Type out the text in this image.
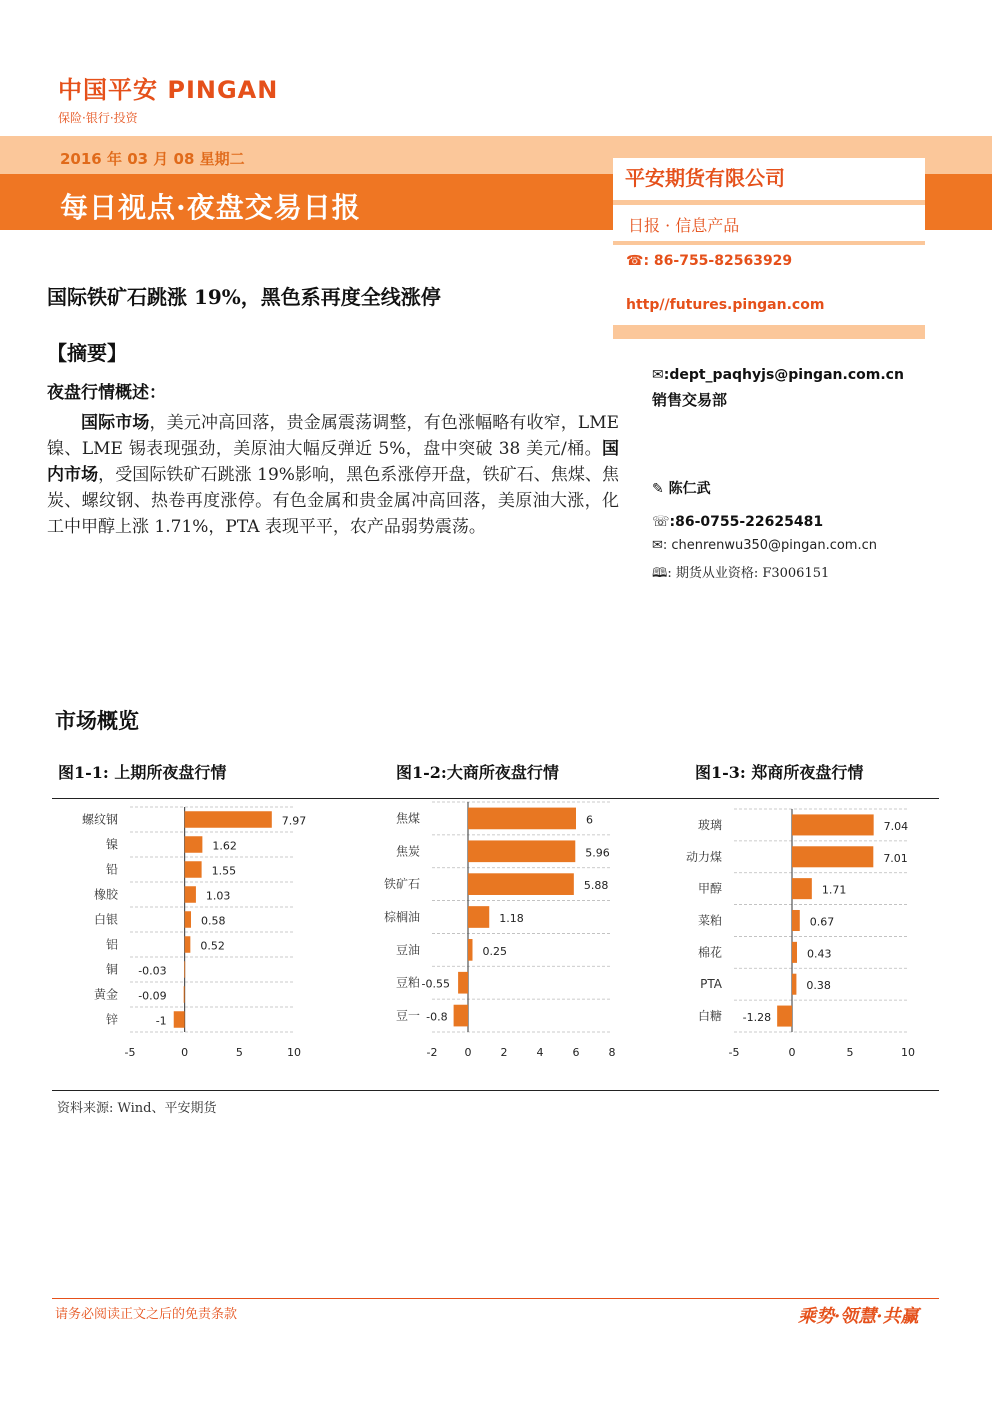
中国平安 PINGAN
保险·银行·投资
2016 年 03 月 08 星期二
每日视点·夜盘交易日报
平安期货有限公司
日报 · 信息产品
☎: 86-755-82563929
http//futures.pingan.com
✉:dept_paqhyjs@pingan.com.cn
销售交易部
✎ 陈仁武
☏:86-0755-22625481
✉: chenrenwu350@pingan.com.cn
🕮: 期货从业资格: F3006151
国际铁矿石跳涨 19%，黑色系再度全线涨停
【摘要】
夜盘行情概述：

国际市场，美元冲高回落，贵金属震荡调整，有色涨幅略有收窄，LME 镍、LME 锡表现强劲，美原油大幅反弹近 5%，盘中突破 38 美元/桶。国内市场，受国际铁矿石跳涨 19%影响，黑色系涨停开盘，铁矿石、焦煤、焦炭、螺纹钢、热卷再度涨停。有色金属和贵金属冲高回落，美原油大涨，化工中甲醇上涨 1.71%，PTA 表现平平，农产品弱势震荡。

市场概览
图1-1: 上期所夜盘行情	图1-2:大商所夜盘行情	图1-3: 郑商所夜盘行情
螺纹钢	7.97
镍	1.62
铅	1.55
橡胶	1.03
白银	0.58
铝	0.52
铜 -0.03
黄金 -0.09
锌	-1
-5	0	5	10
焦煤	6
焦炭	5.96
铁矿石	5.88
棕榈油	1.18
豆油	0.25
豆粕 -0.55
豆一 -0.8
-2 0	2	4	6	8
玻璃	7.04
动力煤	7.01
甲醇	1.71
菜粕	0.67
棉花	0.43
PTA	0.38
白糖 -1.28
-5	0	5	10
资料来源: Wind、平安期货
请务必阅读正文之后的免责条款	乘势·领慧·共赢
